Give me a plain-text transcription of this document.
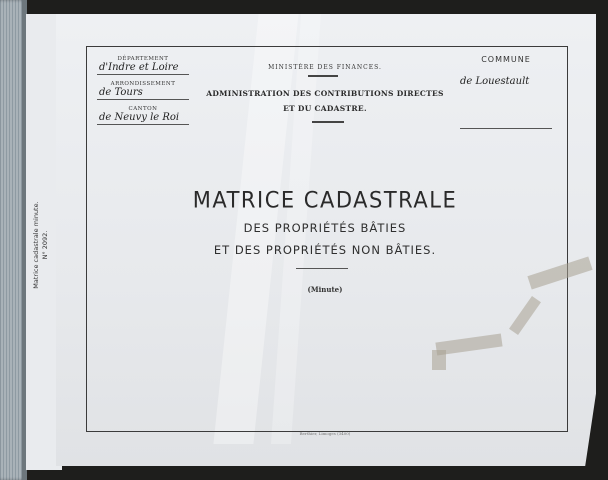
Matrice cadastrale minute. N° 2092.
DÉPARTEMENT
d'Indre et Loire
ARRONDISSEMENT
de Tours
CANTON
de Neuvy le Roi
MINISTÈRE DES FINANCES.
ADMINISTRATION DES CONTRIBUTIONS DIRECTES
ET DU CADASTRE.
COMMUNE
de Louestault
MATRICE CADASTRALE
DES PROPRIÉTÉS BÂTIES
ET DES PROPRIÉTÉS NON BÂTIES.
(Minute)
Berthier, Limoges (3400)
